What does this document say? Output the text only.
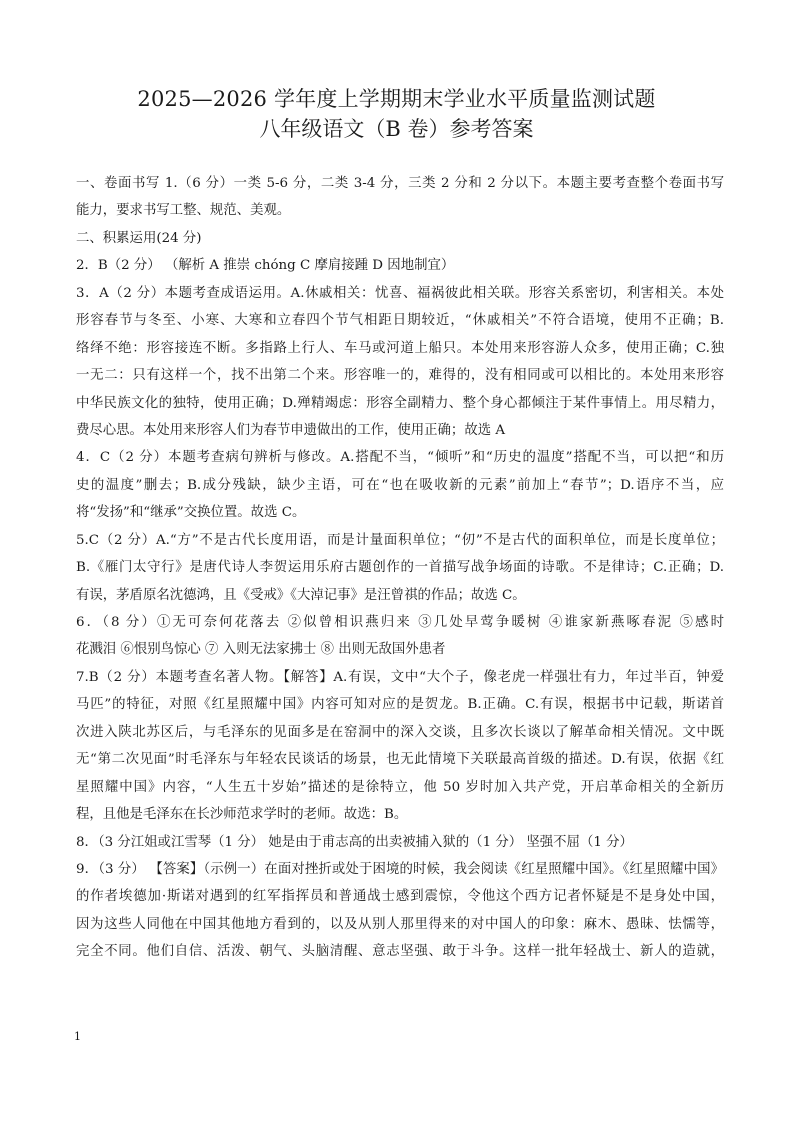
2025—2026 学年度上学期期末学业水平质量监测试题
八年级语文（B 卷）参考答案
一、卷面书写 1.（6 分）一类 5-6 分，二类 3-4 分，三类 2 分和 2 分以下。本题主要考查整个卷面书写
能力，要求书写工整、规范、美观。
二、积累运用(24 分)
2．B（2 分） （解析 A 推崇 chóng C 摩肩接踵 D 因地制宜）
3．A（2 分）本题考查成语运用。A.休戚相关：忧喜、福祸彼此相关联。形容关系密切，利害相关。本处
形容春节与冬至、小寒、大寒和立春四个节气相距日期较近，“休戚相关”不符合语境，使用不正确；B.
络绎不绝：形容接连不断。多指路上行人、车马或河道上船只。本处用来形容游人众多，使用正确；C.独
一无二：只有这样一个，找不出第二个来。形容唯一的，难得的，没有相同或可以相比的。本处用来形容
中华民族文化的独特，使用正确；D.殚精竭虑：形容全副精力、整个身心都倾注于某件事情上。用尽精力，
费尽心思。本处用来形容人们为春节申遗做出的工作，使用正确；故选 A
4．C（2 分）本题考查病句辨析与修改。A.搭配不当，“倾听”和“历史的温度”搭配不当，可以把“和历
史的温度”删去；B.成分残缺，缺少主语，可在“也在吸收新的元素”前加上“春节”；D.语序不当，应
将“发扬”和“继承”交换位置。故选 C。
5.C（2 分）A.“方”不是古代长度用语，而是计量面积单位；“仞”不是古代的面积单位，而是长度单位；
B.《雁门太守行》是唐代诗人李贺运用乐府古题创作的一首描写战争场面的诗歌。不是律诗；C.正确；D.
有误，茅盾原名沈德鸿，且《受戒》《大淖记事》是汪曾祺的作品；故选 C。
6．（8 分）①无可奈何花落去 ②似曾相识燕归来 ③几处早莺争暖树 ④谁家新燕啄春泥 ⑤感时
花溅泪 ⑥恨别鸟惊心 ⑦ 入则无法家拂士 ⑧ 出则无敌国外患者
7.B（2 分）本题考查名著人物。【解答】A.有误，文中“大个子，像老虎一样强壮有力，年过半百，钟爱
马匹”的特征，对照《红星照耀中国》内容可知对应的是贺龙。B.正确。C.有误，根据书中记载，斯诺首
次进入陕北苏区后，与毛泽东的见面多是在窑洞中的深入交谈，且多次长谈以了解革命相关情况。文中既
无“第二次见面”时毛泽东与年轻农民谈话的场景，也无此情境下关联最高首级的描述。D.有误，依据《红
星照耀中国》内容，“人生五十岁始”描述的是徐特立，他 50 岁时加入共产党，开启革命相关的全新历
程，且他是毛泽东在长沙师范求学时的老师。故选：B。
8．（3 分江姐或江雪琴（1 分） 她是由于甫志高的出卖被捕入狱的（1 分） 坚强不屈（1 分）
9．（3 分） 【答案】（示例一）在面对挫折或处于困境的时候，我会阅读《红星照耀中国》。《红星照耀中国》
的作者埃德加·斯诺对遇到的红军指挥员和普通战士感到震惊，令他这个西方记者怀疑是不是身处中国，
因为这些人同他在中国其他地方看到的，以及从别人那里得来的对中国人的印象：麻木、愚昧、怯懦等，
完全不同。他们自信、活泼、朝气、头脑清醒、意志坚强、敢于斗争。这样一批年轻战士、新人的造就，
1
